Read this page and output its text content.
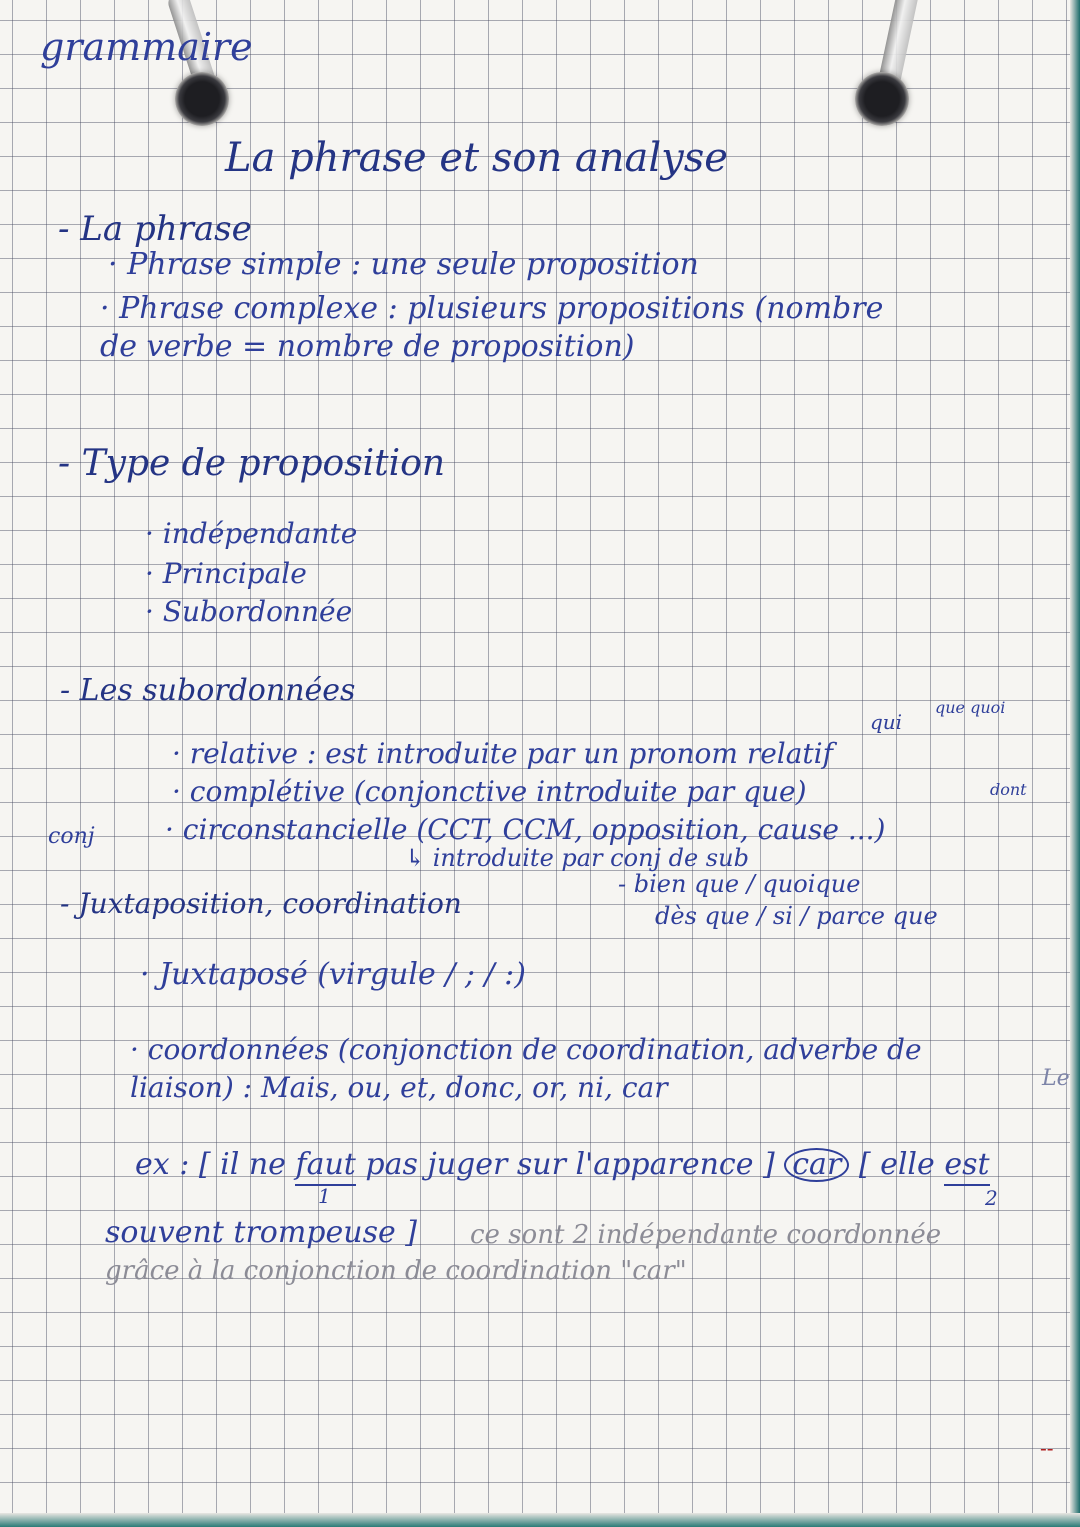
grammaire
La phrase et son analyse
- La phrase
· Phrase simple : une seule proposition
· Phrase complexe : plusieurs propositions (nombre
de verbe = nombre de proposition)
- Type de proposition
· indépendante
· Principale
· Subordonnée
- Les subordonnées
qui
que quoi
· relative : est introduite par un pronom relatif
dont
· complétive (conjonctive introduite par que)
conj	· circonstancielle (CCT, CCM, opposition, cause ...)
↳ introduite par conj de sub
- bien que / quoique
dès que / si / parce que
- Juxtaposition, coordination
· Juxtaposé (virgule / ; / :)
· coordonnées (conjonction de coordination, adverbe de
liaison) : Mais, ou, et, donc, or, ni, car
ex : [ il ne faut pas juger sur l'apparence ] car [ elle est
1	2
souvent trompeuse ] ce sont 2 indépendante coordonnée
grâce à la conjonction de coordination "car"
Le
--
